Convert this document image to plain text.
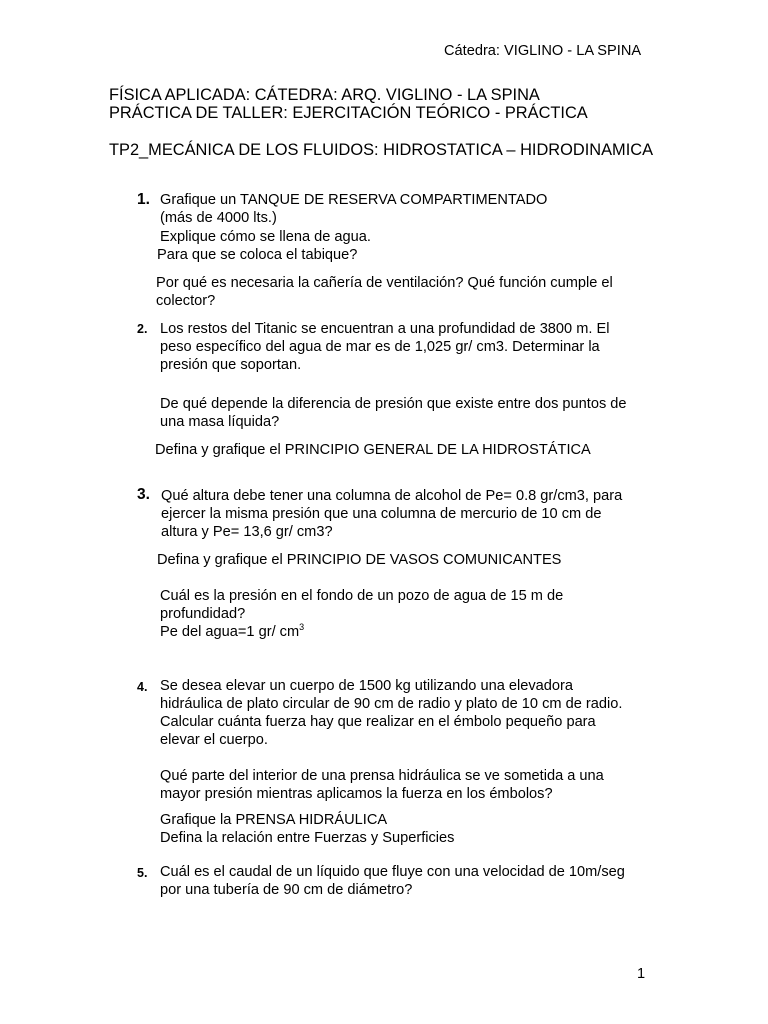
Cátedra: VIGLINO - LA SPINA
FÍSICA APLICADA: CÁTEDRA: ARQ. VIGLINO - LA SPINA
PRÁCTICA DE TALLER: EJERCITACIÓN TEÓRICO - PRÁCTICA
TP2_MECÁNICA DE LOS FLUIDOS: HIDROSTATICA – HIDRODINAMICA
1. Grafique un TANQUE DE RESERVA COMPARTIMENTADO
(más de 4000 lts.)
Explique cómo se llena de agua.
Para que se coloca el tabique?
Por qué es necesaria la cañería de ventilación? Qué función cumple el
colector?
2. Los restos del Titanic se encuentran a una profundidad de 3800 m. El
peso específico del agua de mar es de 1,025 gr/ cm3. Determinar la
presión que soportan.
De qué depende la diferencia de presión que existe entre dos puntos de
una masa líquida?
Defina y grafique el PRINCIPIO GENERAL DE LA HIDROSTÁTICA
3. Qué altura debe tener una columna de alcohol de Pe= 0.8 gr/cm3, para
ejercer la misma presión que una columna de mercurio de 10 cm de
altura y Pe= 13,6 gr/ cm3?
Defina y grafique el PRINCIPIO DE VASOS COMUNICANTES
Cuál es la presión en el fondo de un pozo de agua de 15 m de
profundidad?
Pe del agua=1 gr/ $cm^3$
4. Se desea elevar un cuerpo de 1500 kg utilizando una elevadora
hidráulica de plato circular de 90 cm de radio y plato de 10 cm de radio.
Calcular cuánta fuerza hay que realizar en el émbolo pequeño para
elevar el cuerpo.
Qué parte del interior de una prensa hidráulica se ve sometida a una
mayor presión mientras aplicamos la fuerza en los émbolos?
Grafique la PRENSA HIDRÁULICA
Defina la relación entre Fuerzas y Superficies
5. Cuál es el caudal de un líquido que fluye con una velocidad de 10m/seg
por una tubería de 90 cm de diámetro?
1
